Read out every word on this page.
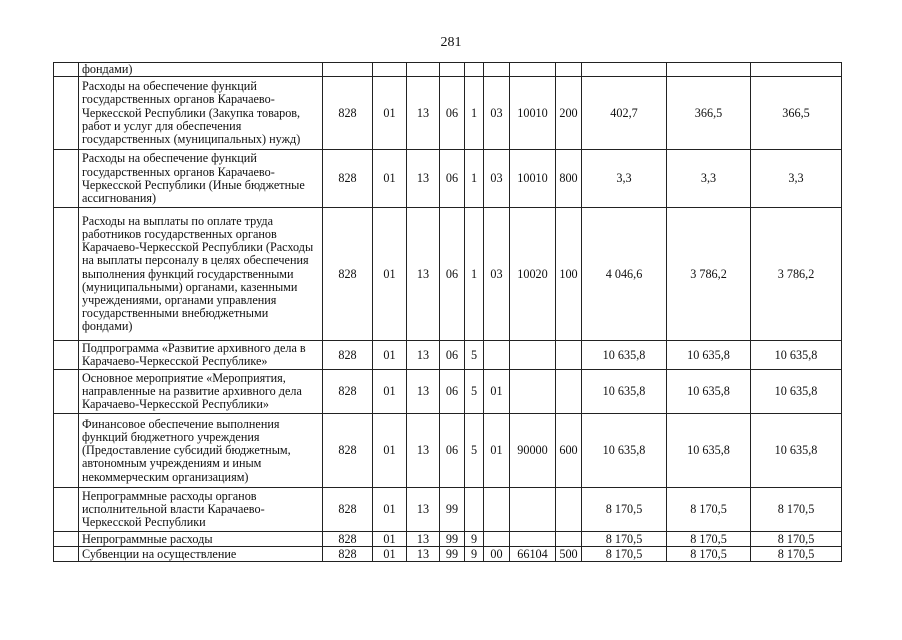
281
	фондами)											
	Расходы на обеспечение функций государственных органов Карачаево-Черкесской Республики (Закупка товаров, работ и услуг для обеспечения государственных (муниципальных) нужд)	828	01	13	06	1	03	10010	200	402,7	366,5	366,5
	Расходы на обеспечение функций государственных органов Карачаево-Черкесской Республики (Иные бюджетные ассигнования)	828	01	13	06	1	03	10010	800	3,3	3,3	3,3
	Расходы на выплаты по оплате труда работников государственных органов Карачаево-Черкесской Республики (Расходы на выплаты персоналу в целях обеспечения выполнения функций государственными (муниципальными) органами, казенными учреждениями, органами управления государственными внебюджетными фондами)	828	01	13	06	1	03	10020	100	4 046,6	3 786,2	3 786,2
	Подпрограмма «Развитие архивного дела в Карачаево-Черкесской Республике»	828	01	13	06	5				10 635,8	10 635,8	10 635,8
	Основное мероприятие «Мероприятия, направленные на развитие архивного дела Карачаево-Черкесской Республики»	828	01	13	06	5	01			10 635,8	10 635,8	10 635,8
	Финансовое обеспечение выполнения функций бюджетного учреждения (Предоставление субсидий бюджетным, автономным учреждениям и иным некоммерческим организациям)	828	01	13	06	5	01	90000	600	10 635,8	10 635,8	10 635,8
	Непрограммные расходы органов исполнительной власти Карачаево-Черкесской Республики	828	01	13	99					8 170,5	8 170,5	8 170,5
	Непрограммные расходы	828	01	13	99	9				8 170,5	8 170,5	8 170,5
	Субвенции на осуществление	828	01	13	99	9	00	66104	500	8 170,5	8 170,5	8 170,5
